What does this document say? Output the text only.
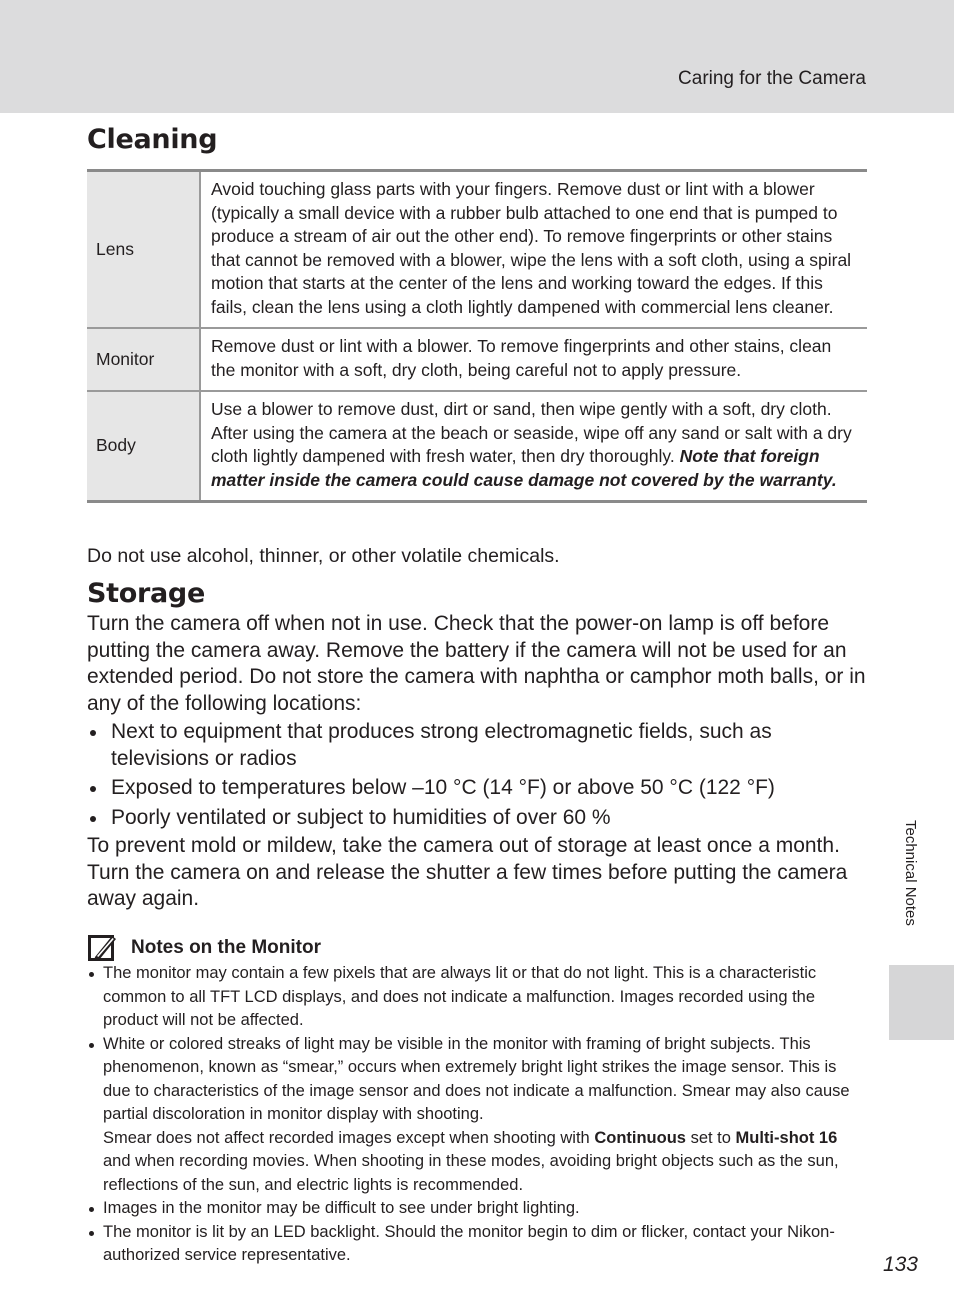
Caring for the Camera
Cleaning
Lens	Avoid touching glass parts with your fingers. Remove dust or lint with a blower (typically a small device with a rubber bulb attached to one end that is pumped to produce a stream of air out the other end). To remove fingerprints or other stains that cannot be removed with a blower, wipe the lens with a soft cloth, using a spiral motion that starts at the center of the lens and working toward the edges. If this fails, clean the lens using a cloth lightly dampened with commercial lens cleaner.
Monitor	Remove dust or lint with a blower. To remove fingerprints and other stains, clean the monitor with a soft, dry cloth, being careful not to apply pressure.
Body	Use a blower to remove dust, dirt or sand, then wipe gently with a soft, dry cloth. After using the camera at the beach or seaside, wipe off any sand or salt with a dry cloth lightly dampened with fresh water, then dry thoroughly. Note that foreign matter inside the camera could cause damage not covered by the warranty.
Do not use alcohol, thinner, or other volatile chemicals.
Storage
Turn the camera off when not in use. Check that the power-on lamp is off before putting the camera away. Remove the battery if the camera will not be used for an extended period. Do not store the camera with naphtha or camphor moth balls, or in any of the following locations:
Next to equipment that produces strong electromagnetic fields, such as televisions or radios
Exposed to temperatures below –10 °C (14 °F) or above 50 °C (122 °F)
Poorly ventilated or subject to humidities of over 60 %
To prevent mold or mildew, take the camera out of storage at least once a month. Turn the camera on and release the shutter a few times before putting the camera away again.
Notes on the Monitor
The monitor may contain a few pixels that are always lit or that do not light. This is a characteristic common to all TFT LCD displays, and does not indicate a malfunction. Images recorded using the product will not be affected.
White or colored streaks of light may be visible in the monitor with framing of bright subjects. This phenomenon, known as “smear,” occurs when extremely bright light strikes the image sensor. This is due to characteristics of the image sensor and does not indicate a malfunction. Smear may also cause partial discoloration in monitor display with shooting.
Smear does not affect recorded images except when shooting with Continuous set to Multi-shot 16 and when recording movies. When shooting in these modes, avoiding bright objects such as the sun, reflections of the sun, and electric lights is recommended.
Images in the monitor may be difficult to see under bright lighting.
The monitor is lit by an LED backlight. Should the monitor begin to dim or flicker, contact your Nikon-authorized service representative.
Technical Notes
133
